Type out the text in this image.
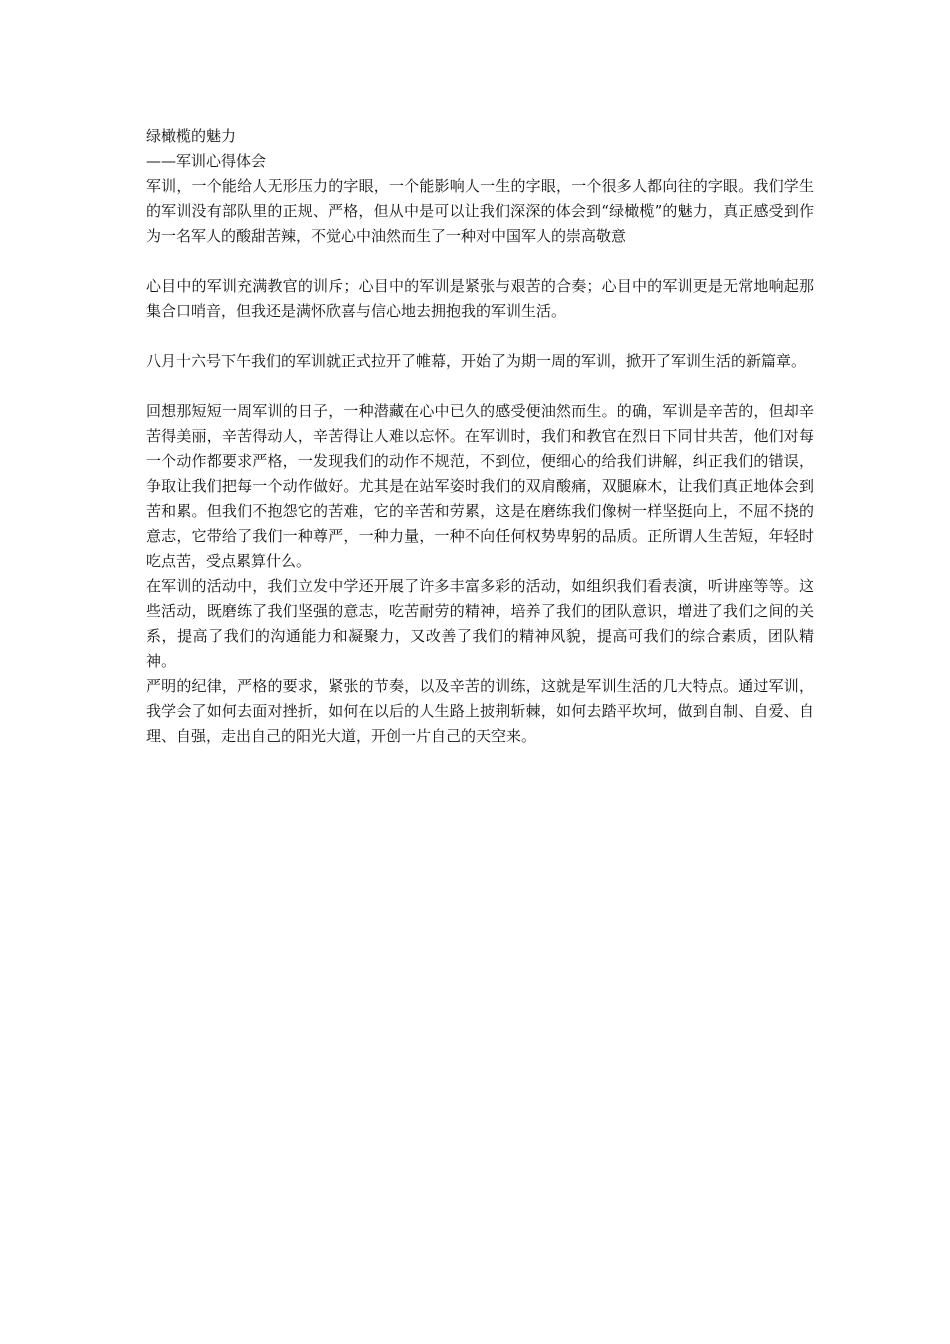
绿橄榄的魅力
——军训心得体会

军训，一个能给人无形压力的字眼，一个能影响人一生的字眼，一个很多人都向往的字眼。我们学生的军训没有部队里的正规、严格，但从中是可以让我们深深的体会到“绿橄榄”的魅力，真正感受到作为一名军人的酸甜苦辣，不觉心中油然而生了一种对中国军人的崇高敬意

心目中的军训充满教官的训斥；心目中的军训是紧张与艰苦的合奏；心目中的军训更是无常地响起那集合口哨音，但我还是满怀欣喜与信心地去拥抱我的军训生活。

八月十六号下午我们的军训就正式拉开了帷幕，开始了为期一周的军训，掀开了军训生活的新篇章。

回想那短短一周军训的日子，一种潜藏在心中已久的感受便油然而生。的确，军训是辛苦的，但却辛苦得美丽，辛苦得动人，辛苦得让人难以忘怀。在军训时，我们和教官在烈日下同甘共苦，他们对每一个动作都要求严格，一发现我们的动作不规范，不到位，便细心的给我们讲解，纠正我们的错误，争取让我们把每一个动作做好。尤其是在站军姿时我们的双肩酸痛，双腿麻木，让我们真正地体会到苦和累。但我们不抱怨它的苦难，它的辛苦和劳累，这是在磨练我们像树一样坚挺向上，不屈不挠的意志，它带给了我们一种尊严，一种力量，一种不向任何权势卑躬的品质。正所谓人生苦短，年轻时吃点苦，受点累算什么。

在军训的活动中，我们立发中学还开展了许多丰富多彩的活动，如组织我们看表演，听讲座等等。这些活动，既磨练了我们坚强的意志，吃苦耐劳的精神，培养了我们的团队意识，增进了我们之间的关系，提高了我们的沟通能力和凝聚力，又改善了我们的精神风貌，提高可我们的综合素质，团队精神。

严明的纪律，严格的要求，紧张的节奏，以及辛苦的训练，这就是军训生活的几大特点。通过军训，我学会了如何去面对挫折，如何在以后的人生路上披荆斩棘，如何去踏平坎坷，做到自制、自爱、自理、自强，走出自己的阳光大道，开创一片自己的天空来。
